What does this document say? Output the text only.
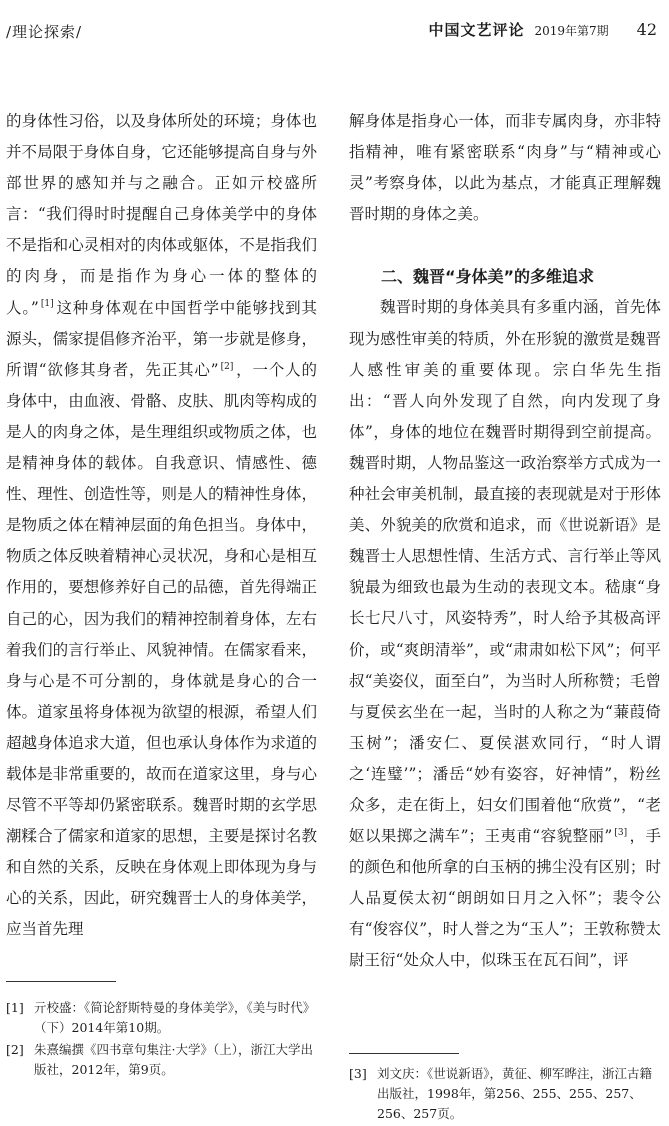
/理论探索/	中国文艺评论 2019年第7期 42

的身体性习俗，以及身体所处的环境；身体也并不局限于身体自身，它还能够提高自身与外部世界的感知并与之融合。正如亓校盛所言：“我们得时时提醒自己身体美学中的身体不是指和心灵相对的肉体或躯体，不是指我们的肉身，而是指作为身心一体的整体的人。” [1] 这种身体观在中国哲学中能够找到其源头，儒家提倡修齐治平，第一步就是修身，所谓“欲修其身者，先正其心” [2] ，一个人的身体中，由血液、骨骼、皮肤、肌肉等构成的是人的肉身之体，是生理组织或物质之体，也是精神身体的载体。自我意识、情感性、德性、理性、创造性等，则是人的精神性身体，是物质之体在精神层面的角色担当。身体中，物质之体反映着精神心灵状况，身和心是相互作用的，要想修养好自己的品德，首先得端正自己的心，因为我们的精神控制着身体，左右着我们的言行举止、风貌神情。在儒家看来，身与心是不可分割的，身体就是身心的合一体。道家虽将身体视为欲望的根源，希望人们超越身体追求大道，但也承认身体作为求道的载体是非常重要的，故而在道家这里，身与心尽管不平等却仍紧密联系。魏晋时期的玄学思潮糅合了儒家和道家的思想，主要是探讨名教和自然的关系，反映在身体观上即体现为身与心的关系，因此，研究魏晋士人的身体美学，应当首先理

解身体是指身心一体，而非专属肉身，亦非特指精神，唯有紧密联系“肉身”与“精神或心灵”考察身体，以此为基点，才能真正理解魏晋时期的身体之美。

二、魏晋“身体美”的多维追求

魏晋时期的身体美具有多重内涵，首先体现为感性审美的特质，外在形貌的激赏是魏晋人感性审美的重要体现。宗白华先生指出：“晋人向外发现了自然，向内发现了身体”，身体的地位在魏晋时期得到空前提高。魏晋时期，人物品鉴这一政治察举方式成为一种社会审美机制，最直接的表现就是对于形体美、外貌美的欣赏和追求，而《世说新语》是魏晋士人思想性情、生活方式、言行举止等风貌最为细致也最为生动的表现文本。嵇康“身长七尺八寸，风姿特秀”，时人给予其极高评价，或“爽朗清举”，或“肃肃如松下风”；何平叔“美姿仪，面至白”，为当时人所称赞；毛曾与夏侯玄坐在一起，当时的人称之为“蒹葭倚玉树”；潘安仁、夏侯湛欢同行，“时人谓之‘连璧’”；潘岳“妙有姿容，好神情”，粉丝众多，走在街上，妇女们围着他“欣赏”，“老妪以果掷之满车”；王夷甫“容貌整丽” [3] ，手的颜色和他所拿的白玉柄的拂尘没有区别；时人品夏侯太初“朗朗如日月之入怀”；裴令公有“俊容仪”，时人誉之为“玉人”；王敦称赞太尉王衍“处众人中，似珠玉在瓦石间”，评

[1] 亓校盛：《简论舒斯特曼的身体美学》，《美与时代》（下）2014年第10期。
[2] 朱熹编撰《四书章句集注·大学》（上），浙江大学出版社，2012年，第9页。	[3] 刘文庆：《世说新语》，黄征、柳军晔注，浙江古籍出版社，1998年，第256、255、255、257、256、257页。
